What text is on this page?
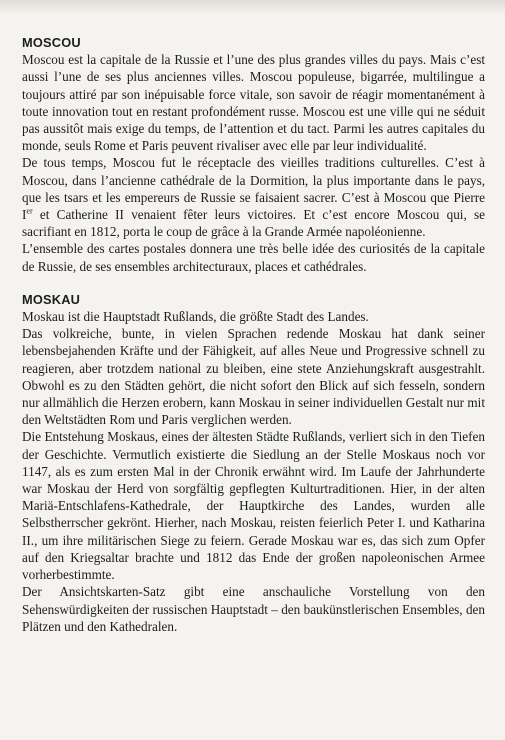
MOSCOU

Moscou est la capitale de la Russie et l’une des plus grandes villes du pays. Mais c’est aussi l’une de ses plus anciennes villes. Moscou populeuse, bigarrée, multilingue a toujours attiré par son inépuisable force vitale, son savoir de réagir momentanément à toute innovation tout en restant profondément russe. Moscou est une ville qui ne séduit pas aussitôt mais exige du temps, de l’attention et du tact. Parmi les autres capitales du monde, seuls Rome et Paris peuvent rivaliser avec elle par leur individualité.

De tous temps, Moscou fut le réceptacle des vieilles traditions culturelles. C’est à Moscou, dans l’ancienne cathédrale de la Dormition, la plus importante dans le pays, que les tsars et les empereurs de Russie se faisaient sacrer. C’est à Moscou que Pierre Ier et Catherine II venaient fêter leurs victoires. Et c’est encore Moscou qui, se sacrifiant en 1812, porta le coup de grâce à la Grande Armée napoléonienne.

L’ensemble des cartes postales donnera une très belle idée des curiosités de la capitale de Russie, de ses ensembles architecturaux, places et cathédrales.

MOSKAU

Moskau ist die Hauptstadt Rußlands, die größte Stadt des Landes.

Das volkreiche, bunte, in vielen Sprachen redende Moskau hat dank seiner lebensbejahenden Kräfte und der Fähigkeit, auf alles Neue und Progressive schnell zu reagieren, aber trotzdem national zu bleiben, eine stete Anziehungskraft ausgestrahlt. Obwohl es zu den Städten gehört, die nicht sofort den Blick auf sich fesseln, sondern nur allmählich die Herzen erobern, kann Moskau in seiner individuellen Gestalt nur mit den Weltstädten Rom und Paris verglichen werden.

Die Entstehung Moskaus, eines der ältesten Städte Rußlands, verliert sich in den Tiefen der Geschichte. Vermutlich existierte die Siedlung an der Stelle Moskaus noch vor 1147, als es zum ersten Mal in der Chronik erwähnt wird. Im Laufe der Jahrhunderte war Moskau der Herd von sorgfältig gepflegten Kulturtraditionen. Hier, in der alten Mariä-Entschlafens-Kathedrale, der Hauptkirche des Landes, wurden alle Selbstherrscher gekrönt. Hierher, nach Moskau, reisten feierlich Peter I. und Katharina II., um ihre militärischen Siege zu feiern. Gerade Moskau war es, das sich zum Opfer auf den Kriegsaltar brachte und 1812 das Ende der großen napoleonischen Armee vorherbestimmte.

Der Ansichtskarten-Satz gibt eine anschauliche Vorstellung von den Sehenswürdigkeiten der russischen Hauptstadt – den baukünstlerischen Ensembles, den Plätzen und den Kathedralen.
